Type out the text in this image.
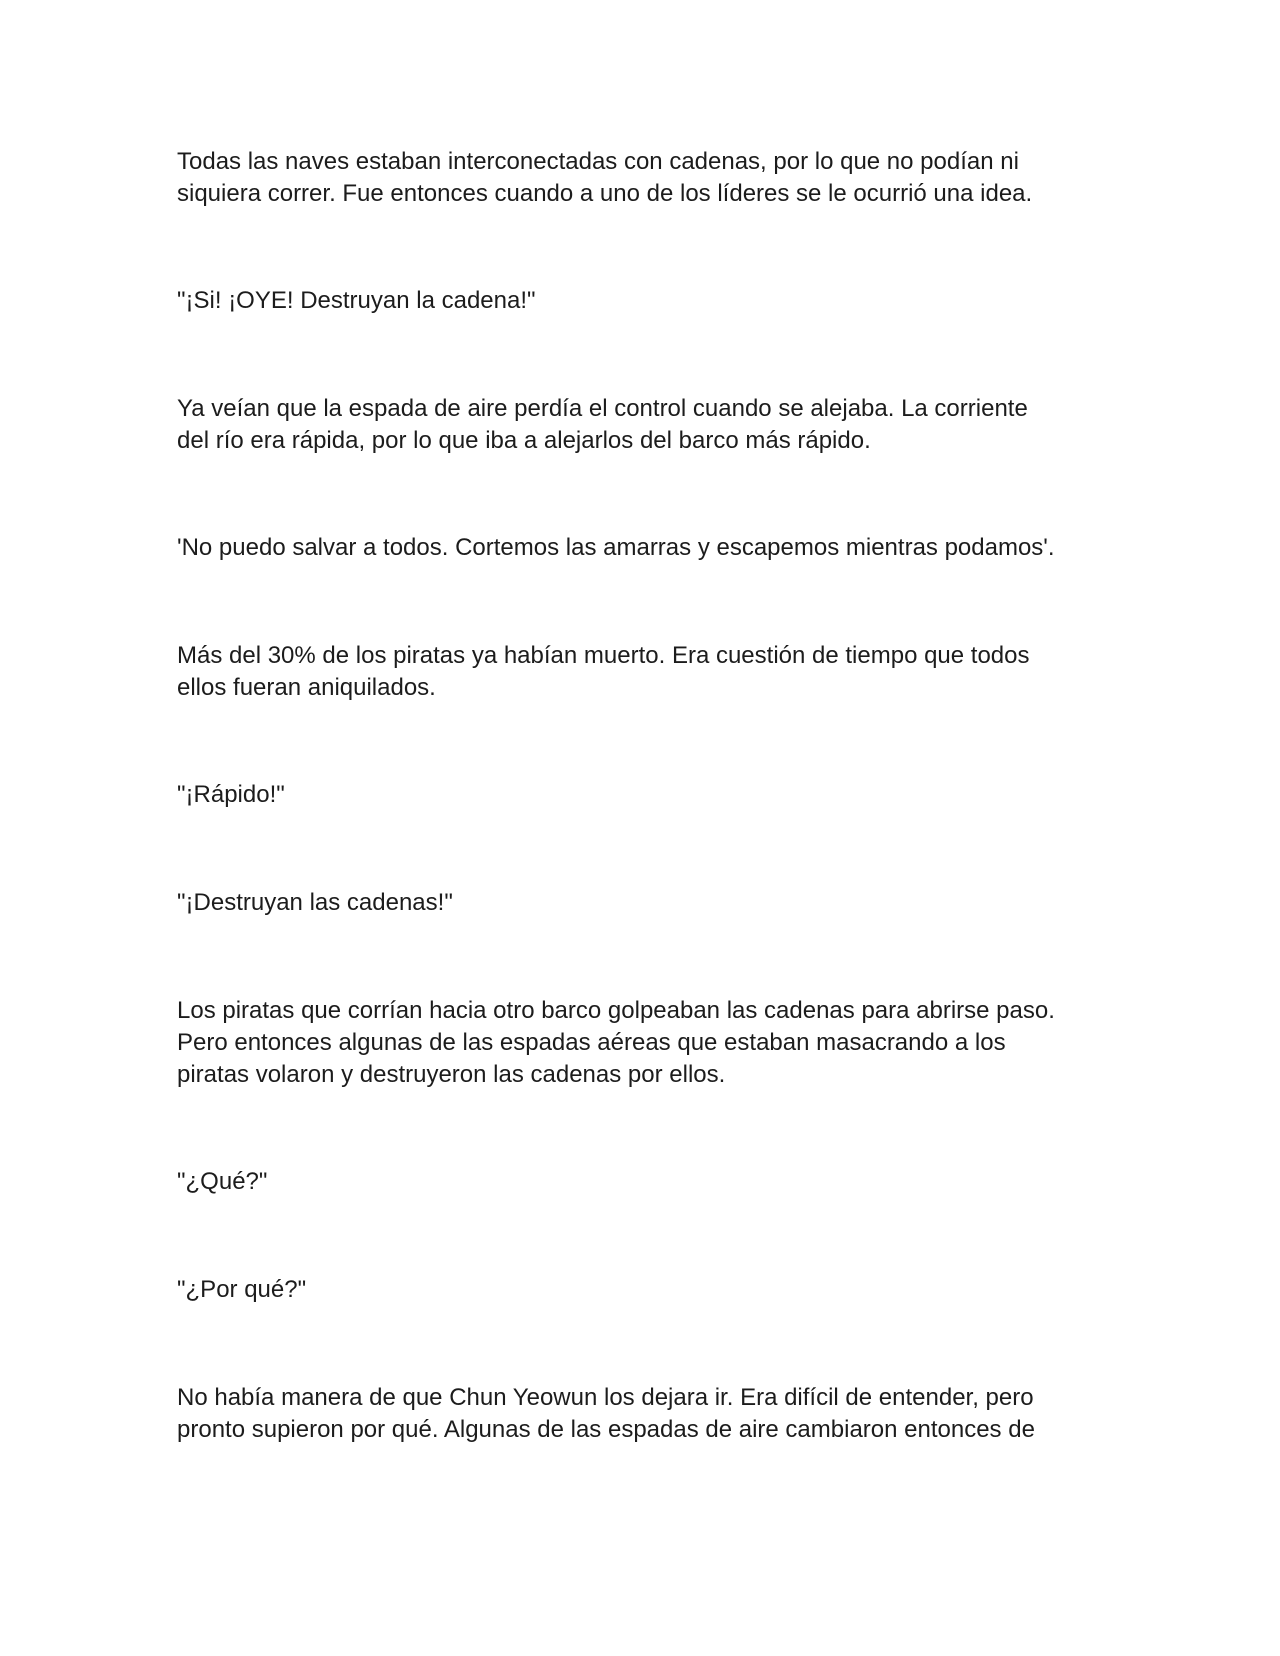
Todas las naves estaban interconectadas con cadenas, por lo que no podían ni
siquiera correr. Fue entonces cuando a uno de los líderes se le ocurrió una idea.

"¡Si! ¡OYE! Destruyan la cadena!"

Ya veían que la espada de aire perdía el control cuando se alejaba. La corriente
del río era rápida, por lo que iba a alejarlos del barco más rápido.

'No puedo salvar a todos. Cortemos las amarras y escapemos mientras podamos'.

Más del 30% de los piratas ya habían muerto. Era cuestión de tiempo que todos
ellos fueran aniquilados.

"¡Rápido!"

"¡Destruyan las cadenas!"

Los piratas que corrían hacia otro barco golpeaban las cadenas para abrirse paso.
Pero entonces algunas de las espadas aéreas que estaban masacrando a los
piratas volaron y destruyeron las cadenas por ellos.

"¿Qué?"

"¿Por qué?"

No había manera de que Chun Yeowun los dejara ir. Era difícil de entender, pero
pronto supieron por qué. Algunas de las espadas de aire cambiaron entonces de
